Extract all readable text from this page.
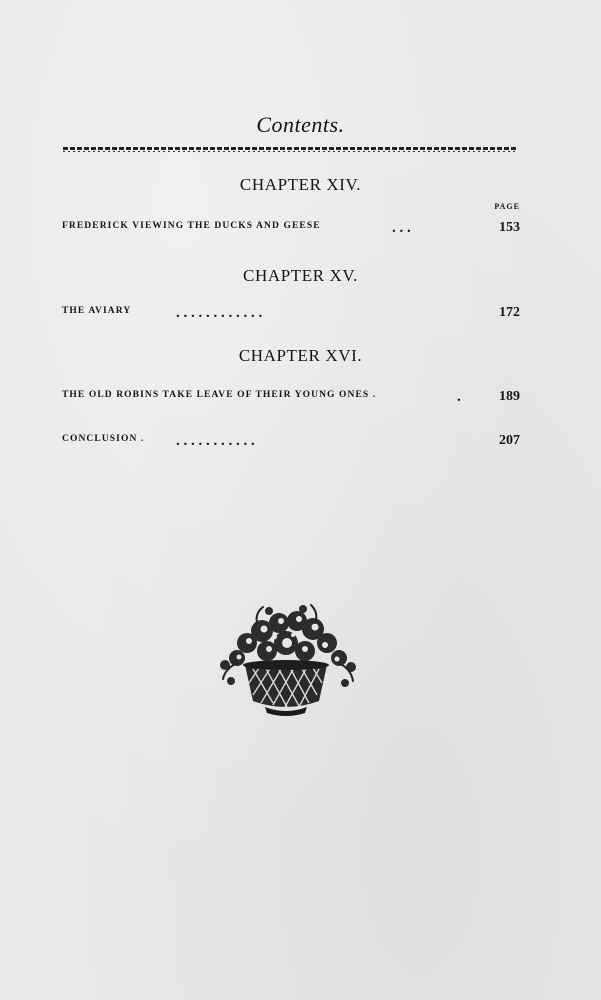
Contents.
CHAPTER XIV.
PAGE
FREDERICK VIEWING THE DUCKS AND GEESE	. . .	153
CHAPTER XV.
THE AVIARY	. . . . . . . . . . . .	172
CHAPTER XVI.
THE OLD ROBINS TAKE LEAVE OF THEIR YOUNG ONES .	.	189
CONCLUSION . . . . . . . . . . . .	207
